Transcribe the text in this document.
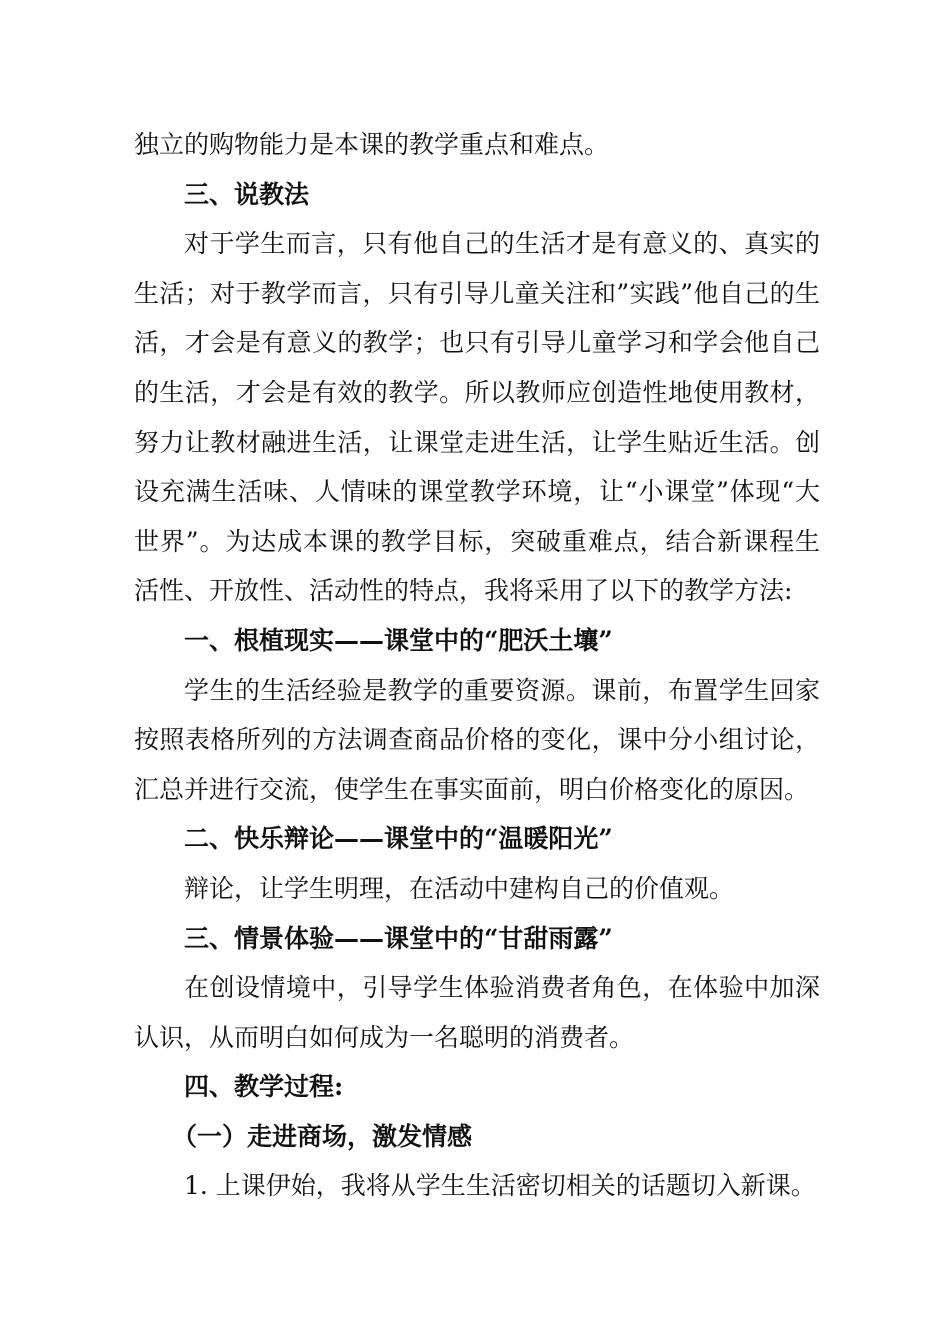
独立的购物能力是本课的教学重点和难点。

三、说教法

对于学生而言，只有他自己的生活才是有意义的、真实的生活；对于教学而言，只有引导儿童关注和”实践”他自己的生活，才会是有意义的教学；也只有引导儿童学习和学会他自己的生活，才会是有效的教学。所以教师应创造性地使用教材，努力让教材融进生活，让课堂走进生活，让学生贴近生活。创设充满生活味、人情味的课堂教学环境，让“小课堂”体现“大世界”。为达成本课的教学目标，突破重难点，结合新课程生活性、开放性、活动性的特点，我将采用了以下的教学方法:

一、根植现实——课堂中的“肥沃土壤”

学生的生活经验是教学的重要资源。课前，布置学生回家按照表格所列的方法调查商品价格的变化，课中分小组讨论，汇总并进行交流，使学生在事实面前，明白价格变化的原因。

二、快乐辩论——课堂中的“温暖阳光”

辩论，让学生明理，在活动中建构自己的价值观。

三、情景体验——课堂中的“甘甜雨露”

在创设情境中，引导学生体验消费者角色，在体验中加深认识，从而明白如何成为一名聪明的消费者。

四、教学过程:

（一）走进商场，激发情感

1. 上课伊始，我将从学生生活密切相关的话题切入新课。
